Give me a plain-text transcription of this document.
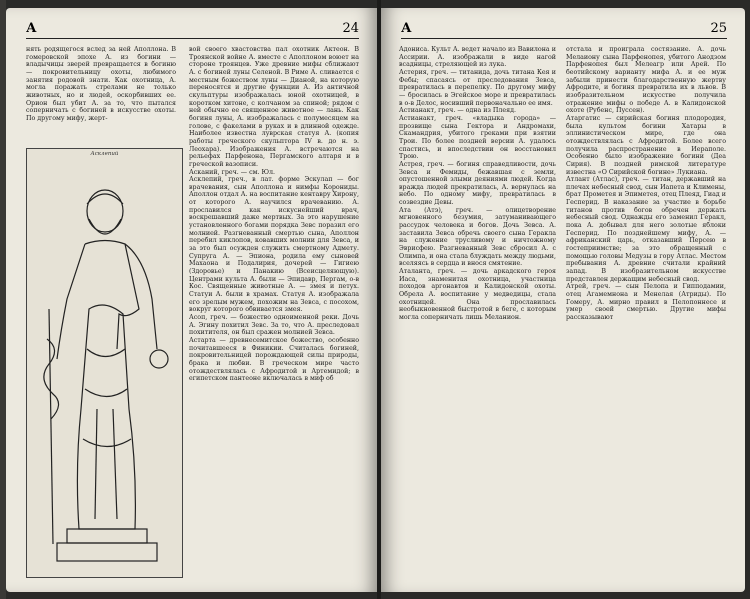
А	24

нять родящегося вслед за ней Аполлона. В гомеровской эпохе А. из богини — владычицы зверей превращается в богиню — покровительницу охоты, любимого занятия родовой знати. Как охотница, А. могла поражать стрелами не только животных, но и людей, оскорбивших ее. Орион был убит А. за то, что пытался соперничать с богиней в искусстве охоты. По другому мифу, жерт-

Асклепий

вой своего хвастовства пал охотник Актеон. В Троянской войне А. вместе с Аполлоном воюет на стороне троянцев. Уже древние мифы сближают А. с богиней луны Селеной. В Риме А. сливается с местным божеством луны — Дианой, на которую переносятся и другие функции А. Из античной скульптуры изображалась юной охотницей, в коротком хитоне, с колчаном за спиной; рядом с ней обычно ее священное животное — лань. Как богиня луны, А. изображалась с полумесяцем на голове, с факелами в руках и в длинной одежде. Наиболее известна луврская статуя А. (копия работы греческого скульптора IV в. до н. э. Леохара). Изображения А. встречаются на рельефах Парфенона, Пергамского алтаря и в греческой вазописи.

Асканий, греч. — см. Юл.

Асклепий, греч., в лат. форме Эскулап — бог врачевания, сын Аполлона и нимфы Корониды. Аполлон отдал А. на воспитание кентавру Хирону, от которого А. научился врачеванию. А. прославился как искуснейший врач, воскрешавший даже мертвых. За это нарушение установленного богами порядка Зевс поразил его молнией. Разгневанный смертью сына, Аполлон перебил киклопов, ковавших молнии для Зевса, и за это был осужден служить смертному Адмету. Супруга А. — Эпиона, родила ему сыновей Махаона и Подалирия, дочерей — Гигиею (Здоровье) и Панакию (Всеисцеляющую). Центрами культа А. были — Эпидавр, Пергам, о-в Кос. Священные животные А. — змея и петух. Статуи А. были в храмах. Статуя А. изображала его зрелым мужем, похожим на Зевса, с посохом, вокруг которого обвивается змея.

Асоп, греч. — божество одноименной реки. Дочь А. Эгину похитил Зевс. За то, что А. преследовал похитителя, он был сражен молнией Зевса.

Астарта — древнесемитское божество, особенно почитавшееся в Финикии. Считалась богиней, покровительницей порождающей силы природы, брака и любви. В греческом мире часто отождествлялась с Афродитой и Артемидой; в египетском пантеоне включалась в миф об

А	25

Адониса. Культ А. ведет начало из Вавилона и Ассирии. А. изображали в виде нагой всадницы, стреляющей из лука.

Астерия, греч. — титанида, дочь титана Кея и Фебы; спасаясь от преследования Зевса, превратилась в перепелку. По другому мифу — бросилась в Эгейское море и превратилась в о-в Делос, носивший первоначально ее имя.

Астианакт, греч. — одна из Плеяд.

Астианакт, греч. «владыка города» — прозвище сына Гектора и Андромахи, Скамандрия, убитого греками при взятии Трои. По более поздней версии А. удалось спастись, и впоследствии он восстановил Трою.

Астрея, греч. — богиня справедливости, дочь Зевса и Фемиды, бежавшая с земли, опустошенной злыми деяниями людей. Когда вражда людей прекратилась, А. вернулась на небо. По одному мифу, превратилась в созвездие Девы.

Ата (Атэ), греч. — олицетворение мгновенного безумия, затуманивающего рассудок человека и богов. Дочь Зевса. А. заставила Зевса обречь своего сына Геракла на служение трусливому и ничтожному Эврисфею. Разгневанный Зевс сбросил А. с Олимпа, и она стала блуждать между людьми, вселяясь в сердца и внося смятение.

Аталанта, греч. — дочь аркадского героя Иаса, знаменитая охотница, участница походов аргонавтов и Калидонской охоты. Обрела А. воспитание у медведицы, стала охотницей. Она прославилась необыкновенной быстротой в беге, с которым могла соперничать лишь Меланион.

отстала и проиграла состязание. А. дочь Мелаиону сына Парфенопея, убитого Анодзом Парфенопея был Мелеагр или Арей. По беотийскому варианту мифа А. и ее муж забыли принести благодарственную жертву Афродите, и богиня превратила их в львов. В изобразительном искусстве получила отражение мифы о победе А. в Калидонской охоте (Рубенс, Пуссен).

Атаргатис — сирийская богиня плодородия, была культом богини Хатары в эллинистическом мире, где она отождествлялась с Афродитой. Более всего получила распространение в Иераполе. Особенно было изображение богини (Деа Сирия). В поздней римской литературе известна «О Сирийской богине» Лукиана.

Атлант (Атлас), греч. — титан, державший на плечах небесный свод, сын Иапета и Климены, брат Прометея и Эпиметея, отец Плеяд, Гиад и Гесперид. В наказание за участие в борьбе титанов против богов обречен держать небесный свод. Однажды его заменил Геракл, пока А. добывал для него золотые яблоки Гесперид. По позднейшему мифу, А. — африканский царь, отказавший Персею в гостеприимстве; за это обращенный с помощью головы Медузы в гору Атлас. Местом пребывания А. древние считали крайний запад. В изобразительном искусстве представлен держащим небесный свод.

Атрей, греч. — сын Пелопа и Гипподамии, отец Агамемнона и Менелая (Атриды). По Гомеру, А. мирно правил в Пелопоннесе и умер своей смертью. Другие мифы рассказывают
